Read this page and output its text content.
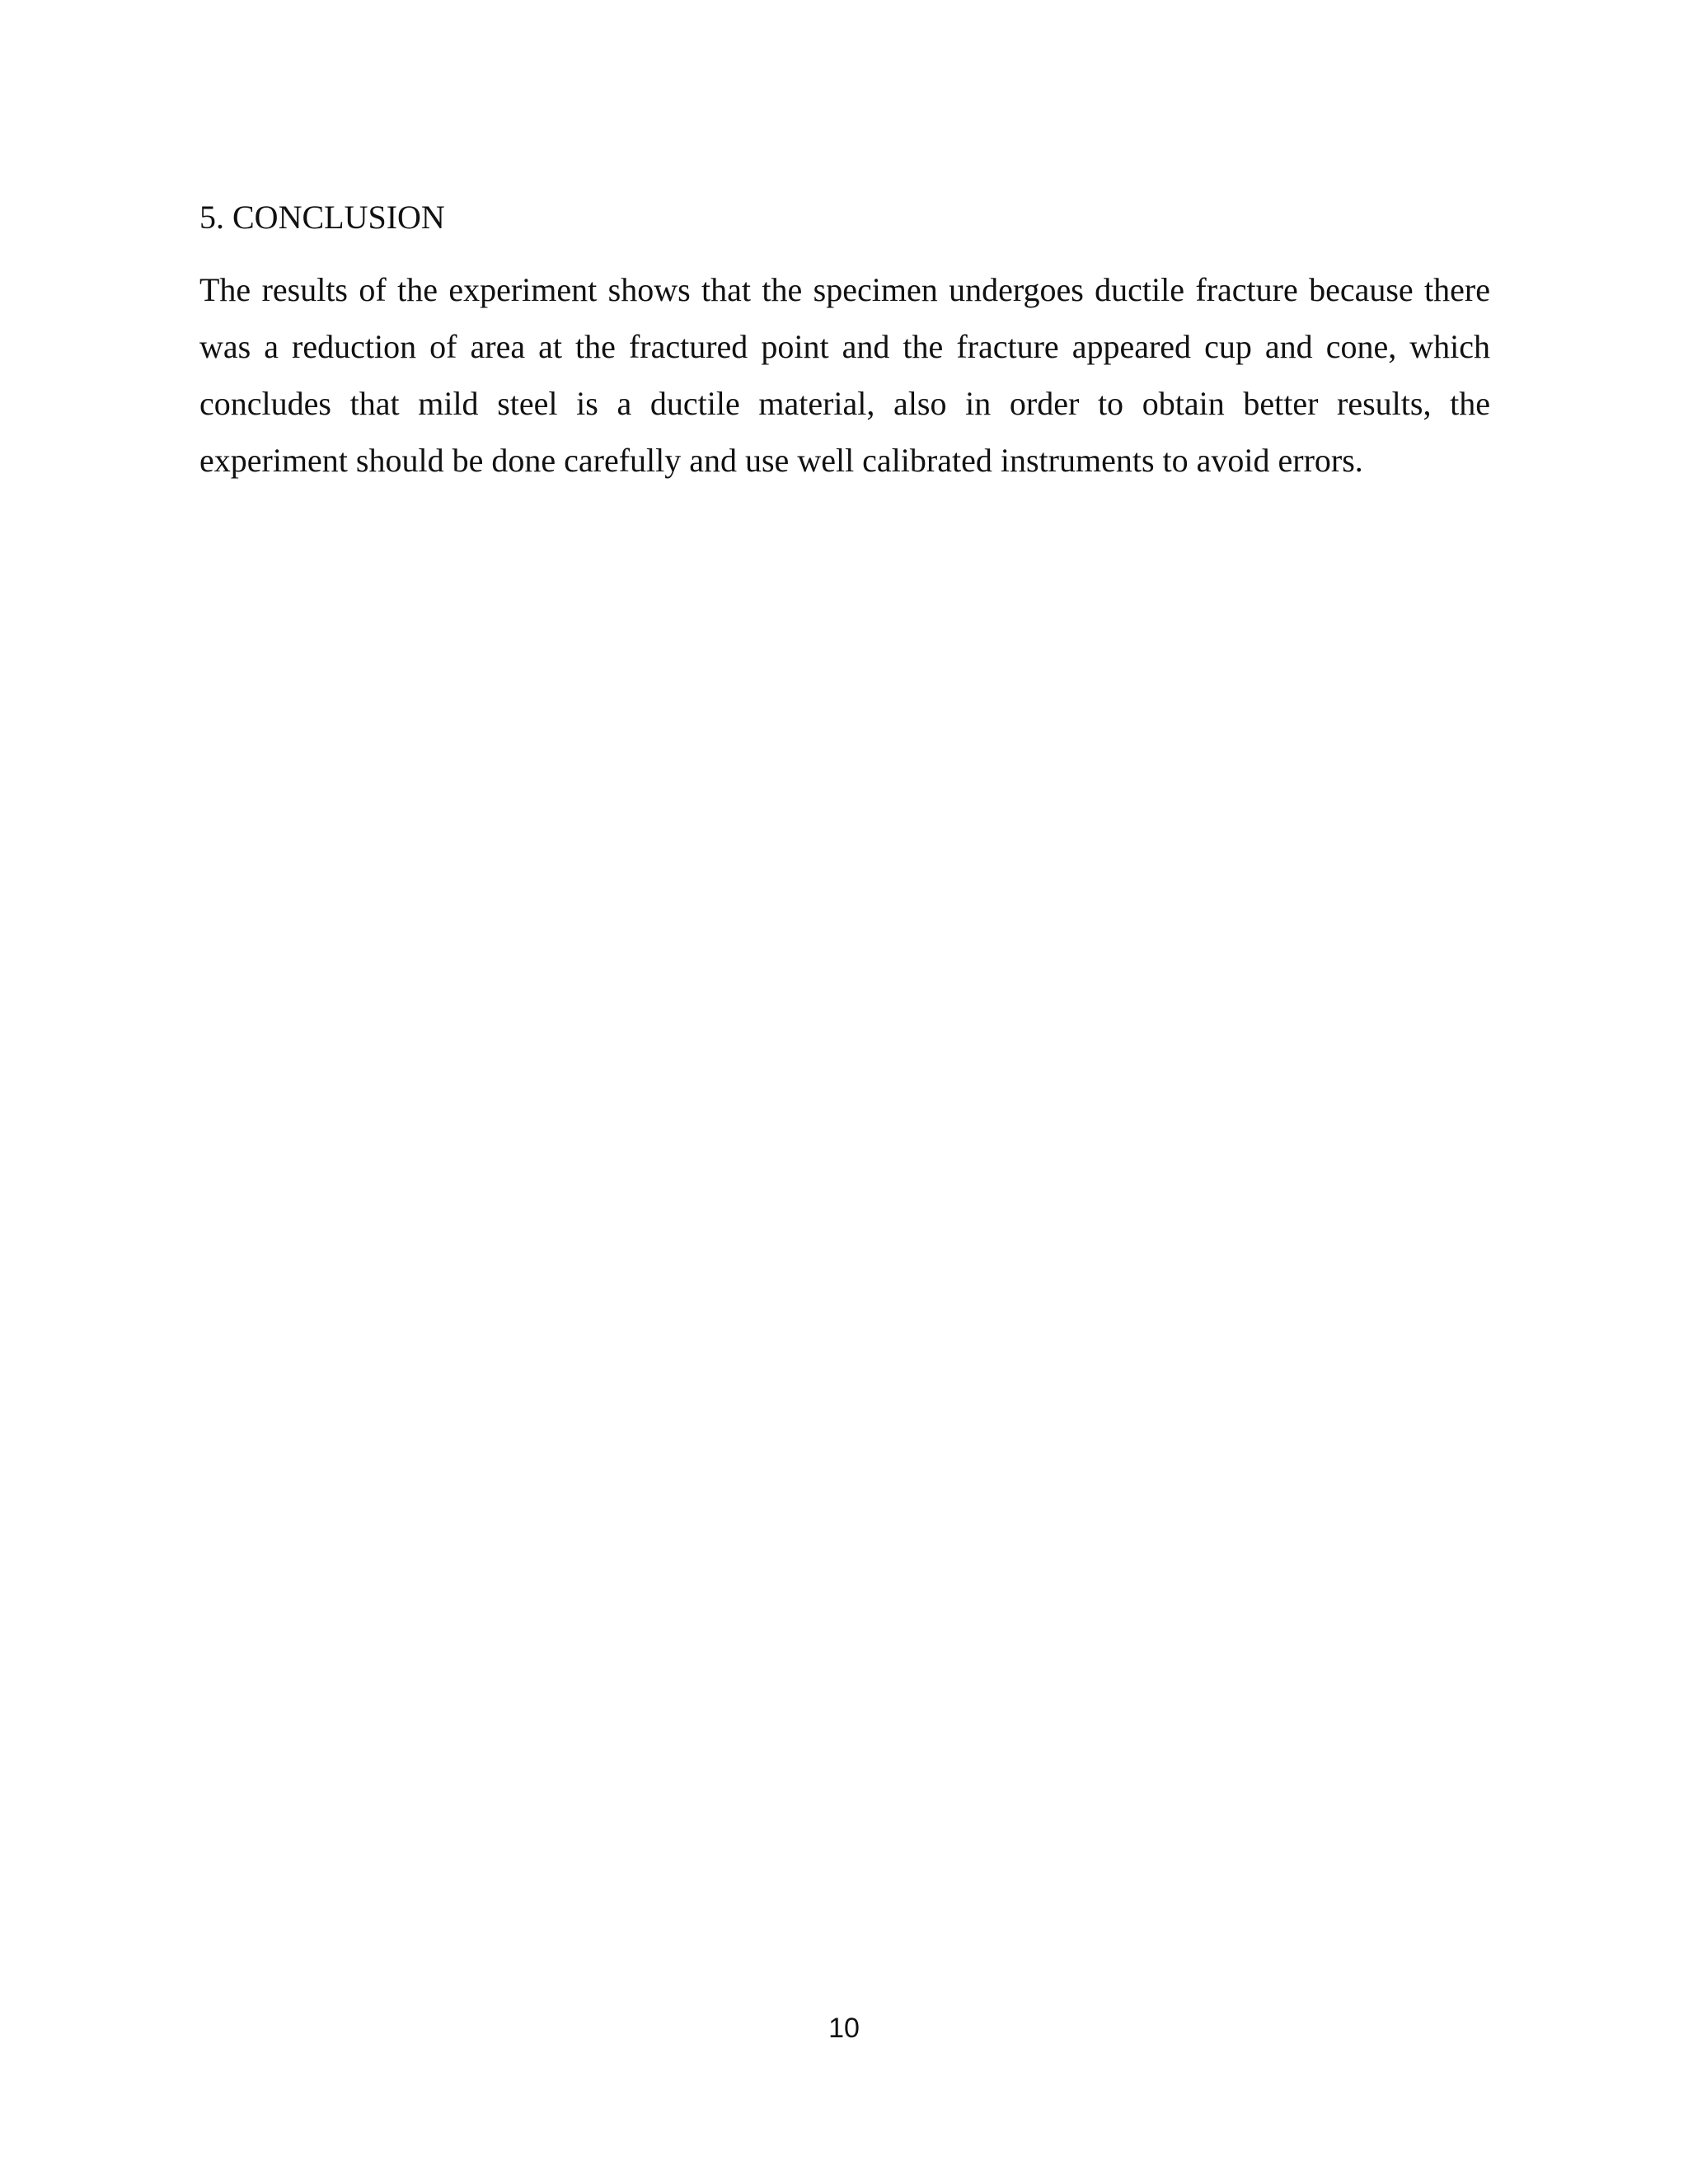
5. CONCLUSION

The results of the experiment shows that the specimen undergoes ductile fracture because there was a reduction of area at the fractured point and the fracture appeared cup and cone, which concludes that mild steel is a ductile material, also in order to obtain better results, the experiment should be done carefully and use well calibrated instruments to avoid errors.

10
